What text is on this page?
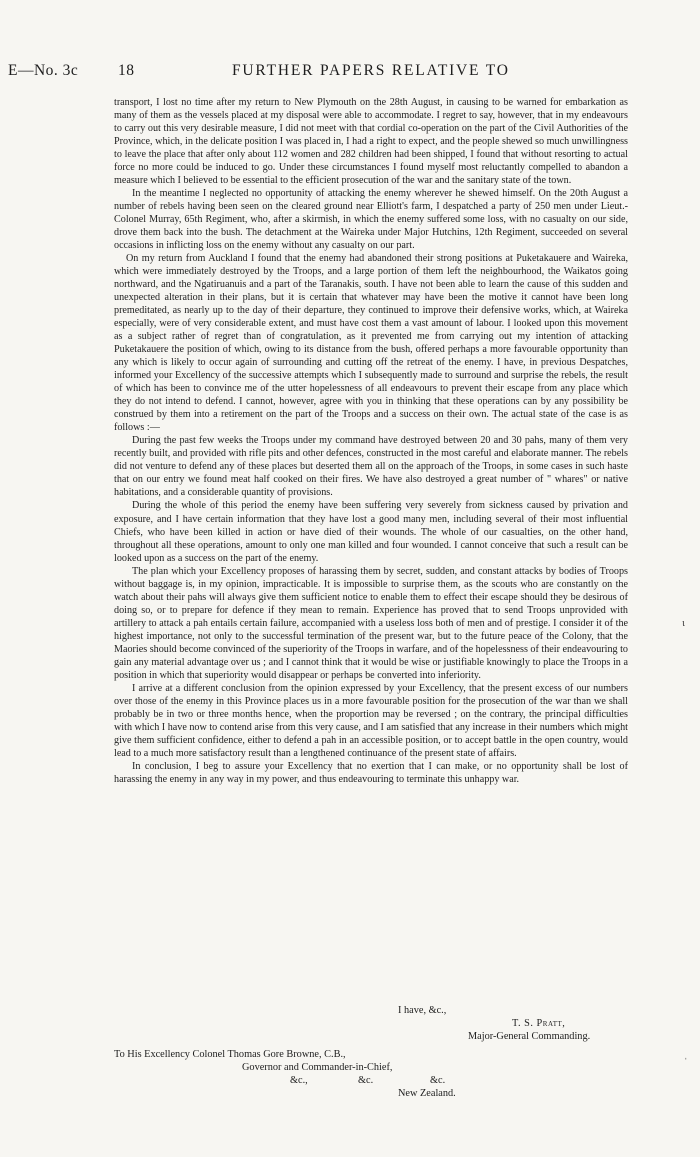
E—No. 3c	18	FURTHER PAPERS RELATIVE TO

transport, I lost no time after my return to New Plymouth on the 28th August, in causing to be warned for embarkation as many of them as the vessels placed at my disposal were able to accommodate. I regret to say, however, that in my endeavours to carry out this very desirable measure, I did not meet with that cordial co-operation on the part of the Civil Authorities of the Province, which, in the delicate position I was placed in, I had a right to expect, and the people shewed so much unwillingness to leave the place that after only about 112 women and 282 children had been shipped, I found that without resorting to actual force no more could be induced to go. Under these circumstances I found myself most reluctantly compelled to abandon a measure which I believed to be essential to the efficient prosecution of the war and the sanitary state of the town.

In the meantime I neglected no opportunity of attacking the enemy wherever he shewed himself. On the 20th August a number of rebels having been seen on the cleared ground near Elliott's farm, I despatched a party of 250 men under Lieut.-Colonel Murray, 65th Regiment, who, after a skirmish, in which the enemy suffered some loss, with no casualty on our side, drove them back into the bush. The detachment at the Waireka under Major Hutchins, 12th Regiment, succeeded on several occasions in inflicting loss on the enemy without any casualty on our part.

On my return from Auckland I found that the enemy had abandoned their strong positions at Puketakauere and Waireka, which were immediately destroyed by the Troops, and a large portion of them left the neighbourhood, the Waikatos going northward, and the Ngatiruanuis and a part of the Taranakis, south. I have not been able to learn the cause of this sudden and unexpected alteration in their plans, but it is certain that whatever may have been the motive it cannot have been long premeditated, as nearly up to the day of their departure, they continued to improve their defensive works, which, at Waireka especially, were of very considerable extent, and must have cost them a vast amount of labour. I looked upon this movement as a subject rather of regret than of congratulation, as it prevented me from carrying out my intention of attacking Puketakauere the position of which, owing to its distance from the bush, offered perhaps a more favourable opportunity than any which is likely to occur again of surrounding and cutting off the retreat of the enemy. I have, in previous Despatches, informed your Excellency of the successive attempts which I subsequently made to surround and surprise the rebels, the result of which has been to convince me of the utter hopelessness of all endeavours to prevent their escape from any place which they do not intend to defend. I cannot, however, agree with you in thinking that these operations can by any possibility be construed by them into a retirement on the part of the Troops and a success on their own. The actual state of the case is as follows :—

During the past few weeks the Troops under my command have destroyed between 20 and 30 pahs, many of them very recently built, and provided with rifle pits and other defences, constructed in the most careful and elaborate manner. The rebels did not venture to defend any of these places but deserted them all on the approach of the Troops, in some cases in such haste that on our entry we found meat half cooked on their fires. We have also destroyed a great number of " whares" or native habitations, and a considerable quantity of provisions.

During the whole of this period the enemy have been suffering very severely from sickness caused by privation and exposure, and I have certain information that they have lost a good many men, including several of their most influential Chiefs, who have been killed in action or have died of their wounds. The whole of our casualties, on the other hand, throughout all these operations, amount to only one man killed and four wounded. I cannot conceive that such a result can be looked upon as a success on the part of the enemy.

The plan which your Excellency proposes of harassing them by secret, sudden, and constant attacks by bodies of Troops without baggage is, in my opinion, impracticable. It is impossible to surprise them, as the scouts who are constantly on the watch about their pahs will always give them sufficient notice to enable them to effect their escape should they be desirous of doing so, or to prepare for defence if they mean to remain. Experience has proved that to send Troops unprovided with artillery to attack a pah entails certain failure, accompanied with a useless loss both of men and of prestige. I consider it of the highest importance, not only to the successful termination of the present war, but to the future peace of the Colony, that the Maories should become convinced of the superiority of the Troops in warfare, and of the hopelessness of their endeavouring to gain any material advantage over us ; and I cannot think that it would be wise or justifiable knowingly to place the Troops in a position in which that superiority would disappear or perhaps be converted into inferiority.

I arrive at a different conclusion from the opinion expressed by your Excellency, that the present excess of our numbers over those of the enemy in this Province places us in a more favourable position for the prosecution of the war than we shall probably be in two or three months hence, when the proportion may be reversed ; on the contrary, the principal difficulties with which I have now to contend arise from this very cause, and I am satisfied that any increase in their numbers which might give them sufficient confidence, either to defend a pah in an accessible position, or to accept battle in the open country, would lead to a much more satisfactory result than a lengthened continuance of the present state of affairs.

In conclusion, I beg to assure your Excellency that no exertion that I can make, or no opportunity shall be lost of harassing the enemy in any way in my power, and thus endeavouring to terminate this unhappy war.

I have, &c.,
T. S. Pratt,
Major-General Commanding.
To His Excellency Colonel Thomas Gore Browne, C.B.,
Governor and Commander-in-Chief,
&c.,	&c.	&c.
New Zealand.
ɩ
ˈ
